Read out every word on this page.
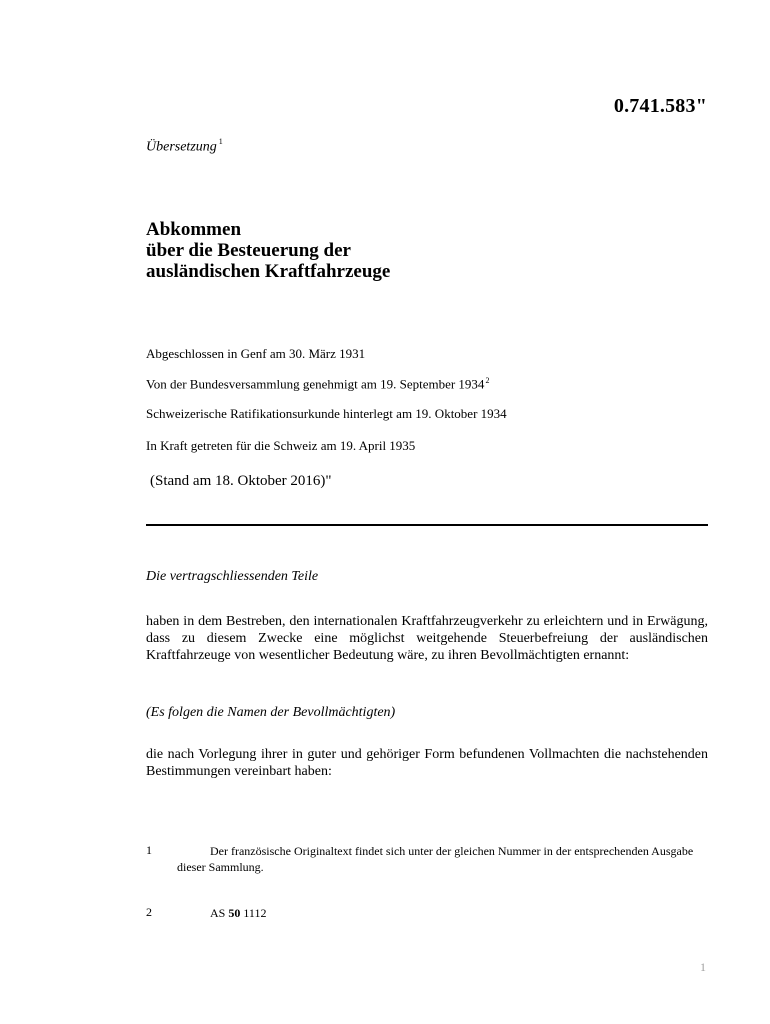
0.741.583"
Übersetzung $^1$
Abkommen
über die Besteuerung der
ausländischen Kraftfahrzeuge
Abgeschlossen in Genf am 30. März 1931
Von der Bundesversammlung genehmigt am 19. September 1934$^2$
Schweizerische Ratifikationsurkunde hinterlegt am 19. Oktober 1934
In Kraft getreten für die Schweiz am 19. April 1935
(Stand am 18. Oktober 2016)"
Die vertragschliessenden Teile
haben in dem Bestreben, den internationalen Kraftfahrzeugverkehr zu erleichtern und in Erwägung, dass zu diesem Zwecke eine möglichst weitgehende Steuerbefreiung der ausländischen Kraftfahrzeuge von wesentlicher Bedeutung wäre, zu ihren Bevollmächtigten ernannt:
(Es folgen die Namen der Bevollmächtigten)
die nach Vorlegung ihrer in guter und gehöriger Form befundenen Vollmachten die nachstehenden Bestimmungen vereinbart haben:
1	Der französische Originaltext findet sich unter der gleichen Nummer in der entsprechenden Ausgabe dieser Sammlung.
2	AS 50 1112
1
